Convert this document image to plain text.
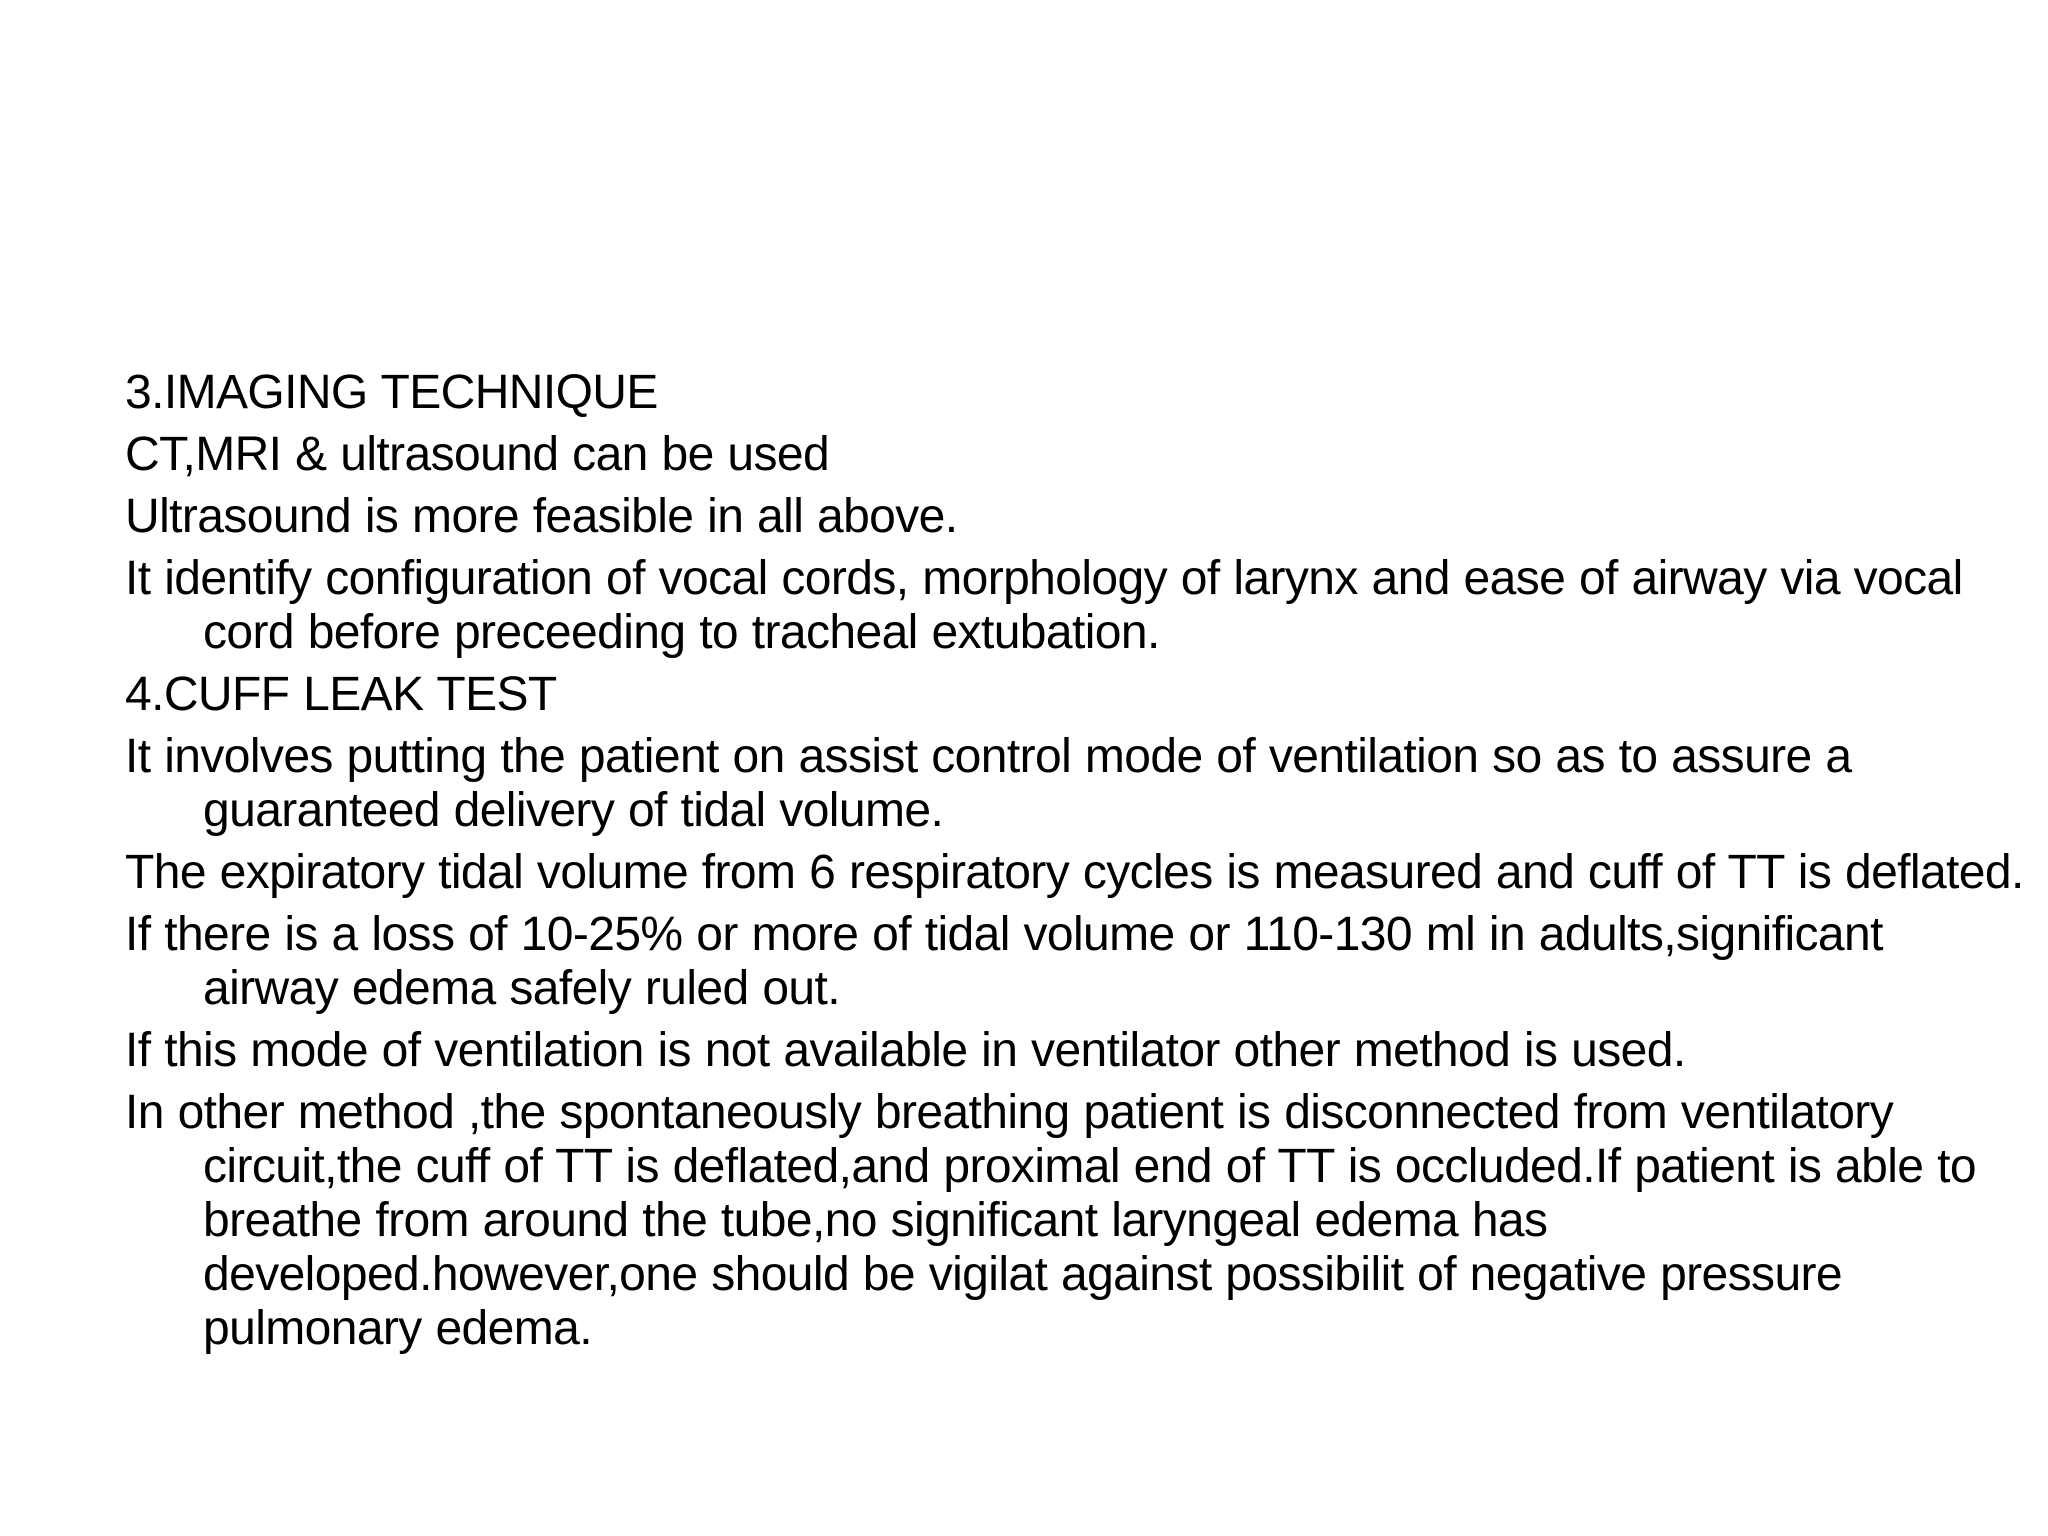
3.IMAGING TECHNIQUE

CT,MRI & ultrasound can be used

Ultrasound is more feasible in all above.

It identify configuration of vocal cords, morphology of larynx and ease of airway via vocal cord before preceeding to tracheal extubation.

4.CUFF LEAK TEST

It involves putting the patient on assist control mode of ventilation so as to assure a guaranteed delivery of tidal volume.

The expiratory tidal volume from 6 respiratory cycles is measured and cuff of TT is deflated.

If there is a loss of 10-25% or more of tidal volume or 110-130 ml in adults,significant airway edema safely ruled out.

If this mode of ventilation is not available in ventilator other method is used.

In other method ,the spontaneously breathing patient is disconnected from ventilatory circuit,the cuff of TT is deflated,and proximal end of TT is occluded.If patient is able to breathe from around the tube,no significant laryngeal edema has developed.however,one should be vigilat against possibilit of negative pressure pulmonary edema.
